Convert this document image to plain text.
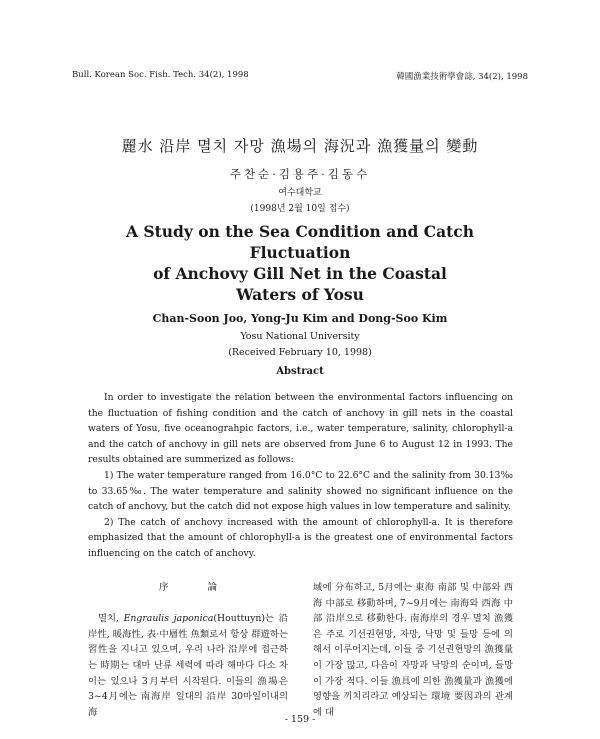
Bull. Korean Soc. Fish. Tech. 34(2), 1998	韓國漁業技術學會誌, 34(2), 1998
麗水 沿岸 멸치 자망 漁場의 海況과 漁獲量의 變動
주찬순·김용주·김동수
여수대학교
(1998년 2월 10일 접수)
A Study on the Sea Condition and Catch
Fluctuation
of Anchovy Gill Net in the Coastal
Waters of Yosu
Chan-Soon Joo, Yong-Ju Kim and Dong-Soo Kim
Yosu National University
(Received February 10, 1998)
Abstract

In order to investigate the relation between the environmental factors influencing on the fluctuation of fishing condition and the catch of anchovy in gill nets in the coastal waters of Yosu, five oceanograhpic factors, i.e., water temperature, salinity, chlorophyll-a and the catch of anchovy in gill nets are observed from June 6 to August 12 in 1993. The results obtained are summerized as follows:

1) The water temperature ranged from 16.0°C to 22.6°C and the salinity from 30.13‰ to 33.65‰. The water temperature and salinity showed no significant influence on the catch of anchovy, but the catch did not expose high values in low temperature and salinity.

2) The catch of anchovy increased with the amount of chlorophyll-a. It is therefore emphasized that the amount of chlorophyll-a is the greatest one of environmental factors influencing on the catch of anchovy.

序 論

멸치, Engraulis japonica(Houttuyn)는 沿岸性, 暖海性, 表·中層性 魚類로서 항상 群遊하는 習性을 지니고 있으며, 우리 나라 沿岸에 접근하는 時期는 대마 난류 세력에 따라 해마다 다소 차이는 있으나 3月부터 시작된다. 이들의 漁場은 3~4月에는 南海岸 일대의 沿岸 30마일이내의 海

域에 分布하고, 5月에는 東海 南部 및 中部와 西海 中部로 移動하며, 7~9月에는 南海와 西海 中部 沿岸으로 移動한다. 南海岸의 경우 멸치 漁獲은 주로 기선권현망, 자망, 낙망 및 들망 등에 의해서 이루어지는데, 이들 중 기선권현망의 漁獲量이 가장 많고, 다음이 자망과 낙망의 순이며, 들망이 가장 적다. 이들 漁具에 의한 漁獲量과 漁獲에 영향을 끼치리라고 예상되는 環境 要因과의 관계에 대

- 159 -
